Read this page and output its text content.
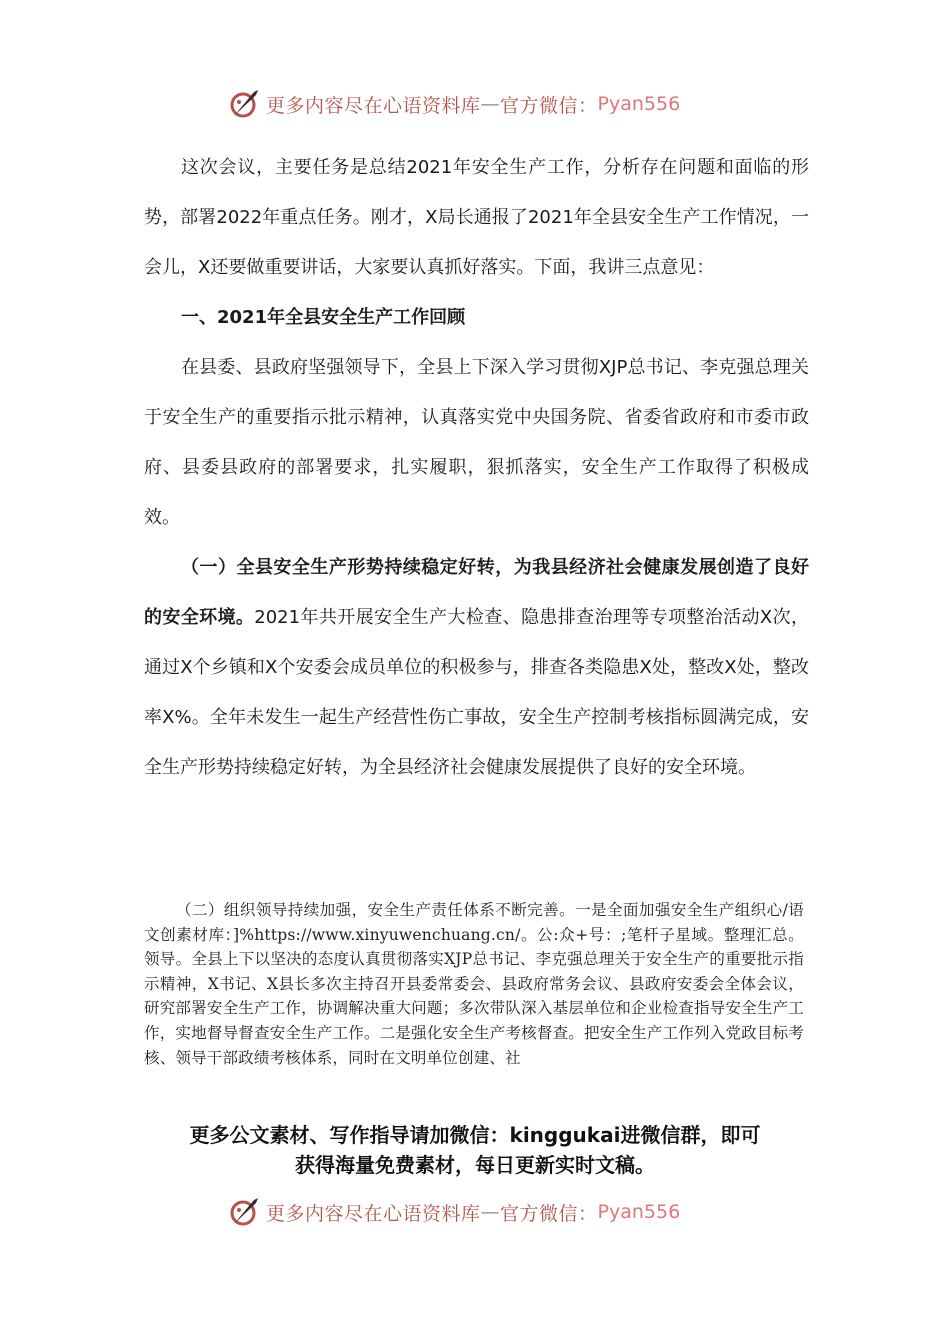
更多内容尽在心语资料库 — 官方微信： Pyan556

这次会议，主要任务是总结2021年安全生产工作，分析存在问题和面临的形势，部署2022年重点任务。刚才，X局长通报了2021年全县安全生产工作情况，一会儿，X还要做重要讲话，大家要认真抓好落实。下面，我讲三点意见：

一、2021年全县安全生产工作回顾

在县委、县政府坚强领导下，全县上下深入学习贯彻XJP总书记、李克强总理关于安全生产的重要指示批示精神，认真落实党中央国务院、省委省政府和市委市政府、县委县政府的部署要求，扎实履职，狠抓落实，安全生产工作取得了积极成效。

（一）全县安全生产形势持续稳定好转，为我县经济社会健康发展创造了良好的安全环境。2021年共开展安全生产大检查、隐患排查治理等专项整治活动X次，通过X个乡镇和X个安委会成员单位的积极参与，排查各类隐患X处，整改X处，整改率X%。全年未发生一起生产经营性伤亡事故，安全生产控制考核指标圆满完成，安全生产形势持续稳定好转，为全县经济社会健康发展提供了良好的安全环境。

（二）组织领导持续加强，安全生产责任体系不断完善。一是全面加强安全生产组织心/语文创素材库：]%https://www.xinyuwenchuang.cn/。公:众+号：;笔杆子星域。整理汇总。领导。全县上下以坚决的态度认真贯彻落实XJP总书记、李克强总理关于安全生产的重要批示指示精神，X书记、X县长多次主持召开县委常委会、县政府常务会议、县政府安委会全体会议，研究部署安全生产工作，协调解决重大问题；多次带队深入基层单位和企业检查指导安全生产工作，实地督导督查安全生产工作。二是强化安全生产考核督查。把安全生产工作列入党政目标考核、领导干部政绩考核体系，同时在文明单位创建、社

更多公文素材、写作指导请加微信：kinggukai进微信群，即可
获得海量免费素材，每日更新实时文稿。
更多内容尽在心语资料库 — 官方微信： Pyan556
